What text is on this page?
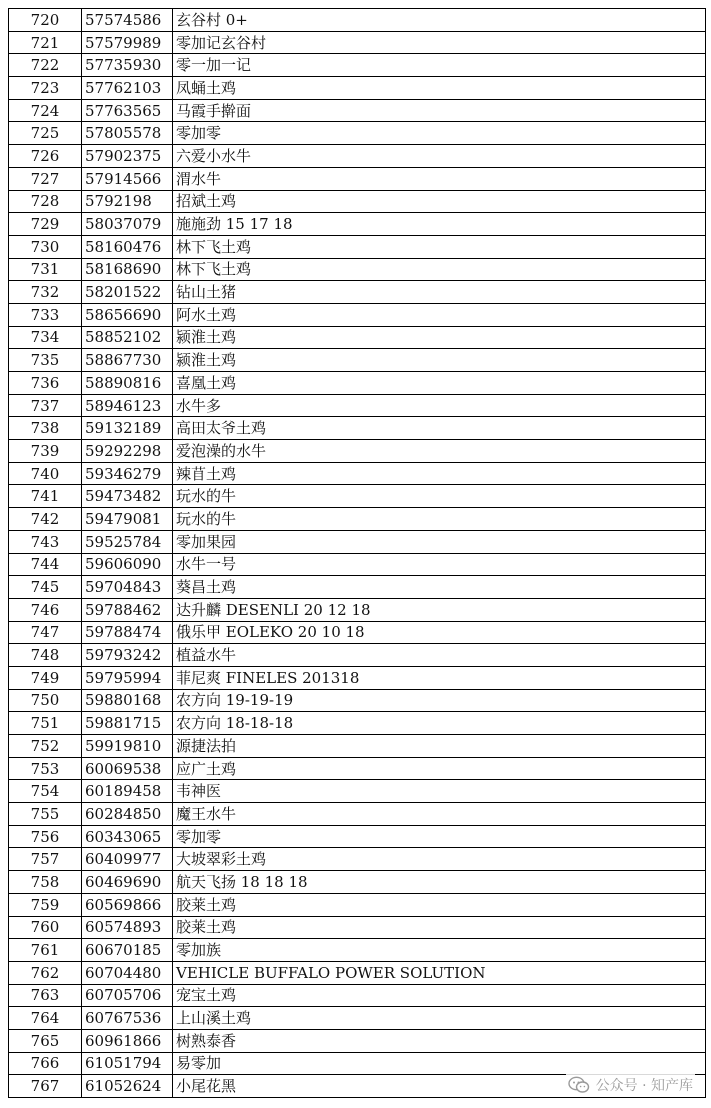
720	57574586	玄谷村 0+
721	57579989	零加记玄谷村
722	57735930	零一加一记
723	57762103	凤蛹土鸡
724	57763565	马霞手擀面
725	57805578	零加零
726	57902375	六爱小水牛
727	57914566	渭水牛
728	5792198	招斌土鸡
729	58037079	施施劲 15 17 18
730	58160476	林下飞土鸡
731	58168690	林下飞土鸡
732	58201522	钻山土猪
733	58656690	阿水土鸡
734	58852102	颍淮土鸡
735	58867730	颍淮土鸡
736	58890816	喜凰土鸡
737	58946123	水牛多
738	59132189	高田太爷土鸡
739	59292298	爱泡澡的水牛
740	59346279	辣苜土鸡
741	59473482	玩水的牛
742	59479081	玩水的牛
743	59525784	零加果园
744	59606090	水牛一号
745	59704843	葵昌土鸡
746	59788462	达升麟 DESENLI 20 12 18
747	59788474	俄乐甲 EOLEKO 20 10 18
748	59793242	植益水牛
749	59795994	菲尼爽 FINELES 201318
750	59880168	农方向 19-19-19
751	59881715	农方向 18-18-18
752	59919810	源捷法拍
753	60069538	应广土鸡
754	60189458	韦神医
755	60284850	魔王水牛
756	60343065	零加零
757	60409977	大坡翠彩土鸡
758	60469690	航天飞扬 18 18 18
759	60569866	胶莱土鸡
760	60574893	胶莱土鸡
761	60670185	零加族
762	60704480	VEHICLE BUFFALO POWER SOLUTION
763	60705706	宠宝土鸡
764	60767536	上山溪土鸡
765	60961866	树熟泰香
766	61051794	易零加
767	61052624	小尾花黑	公众号 · 知产库
